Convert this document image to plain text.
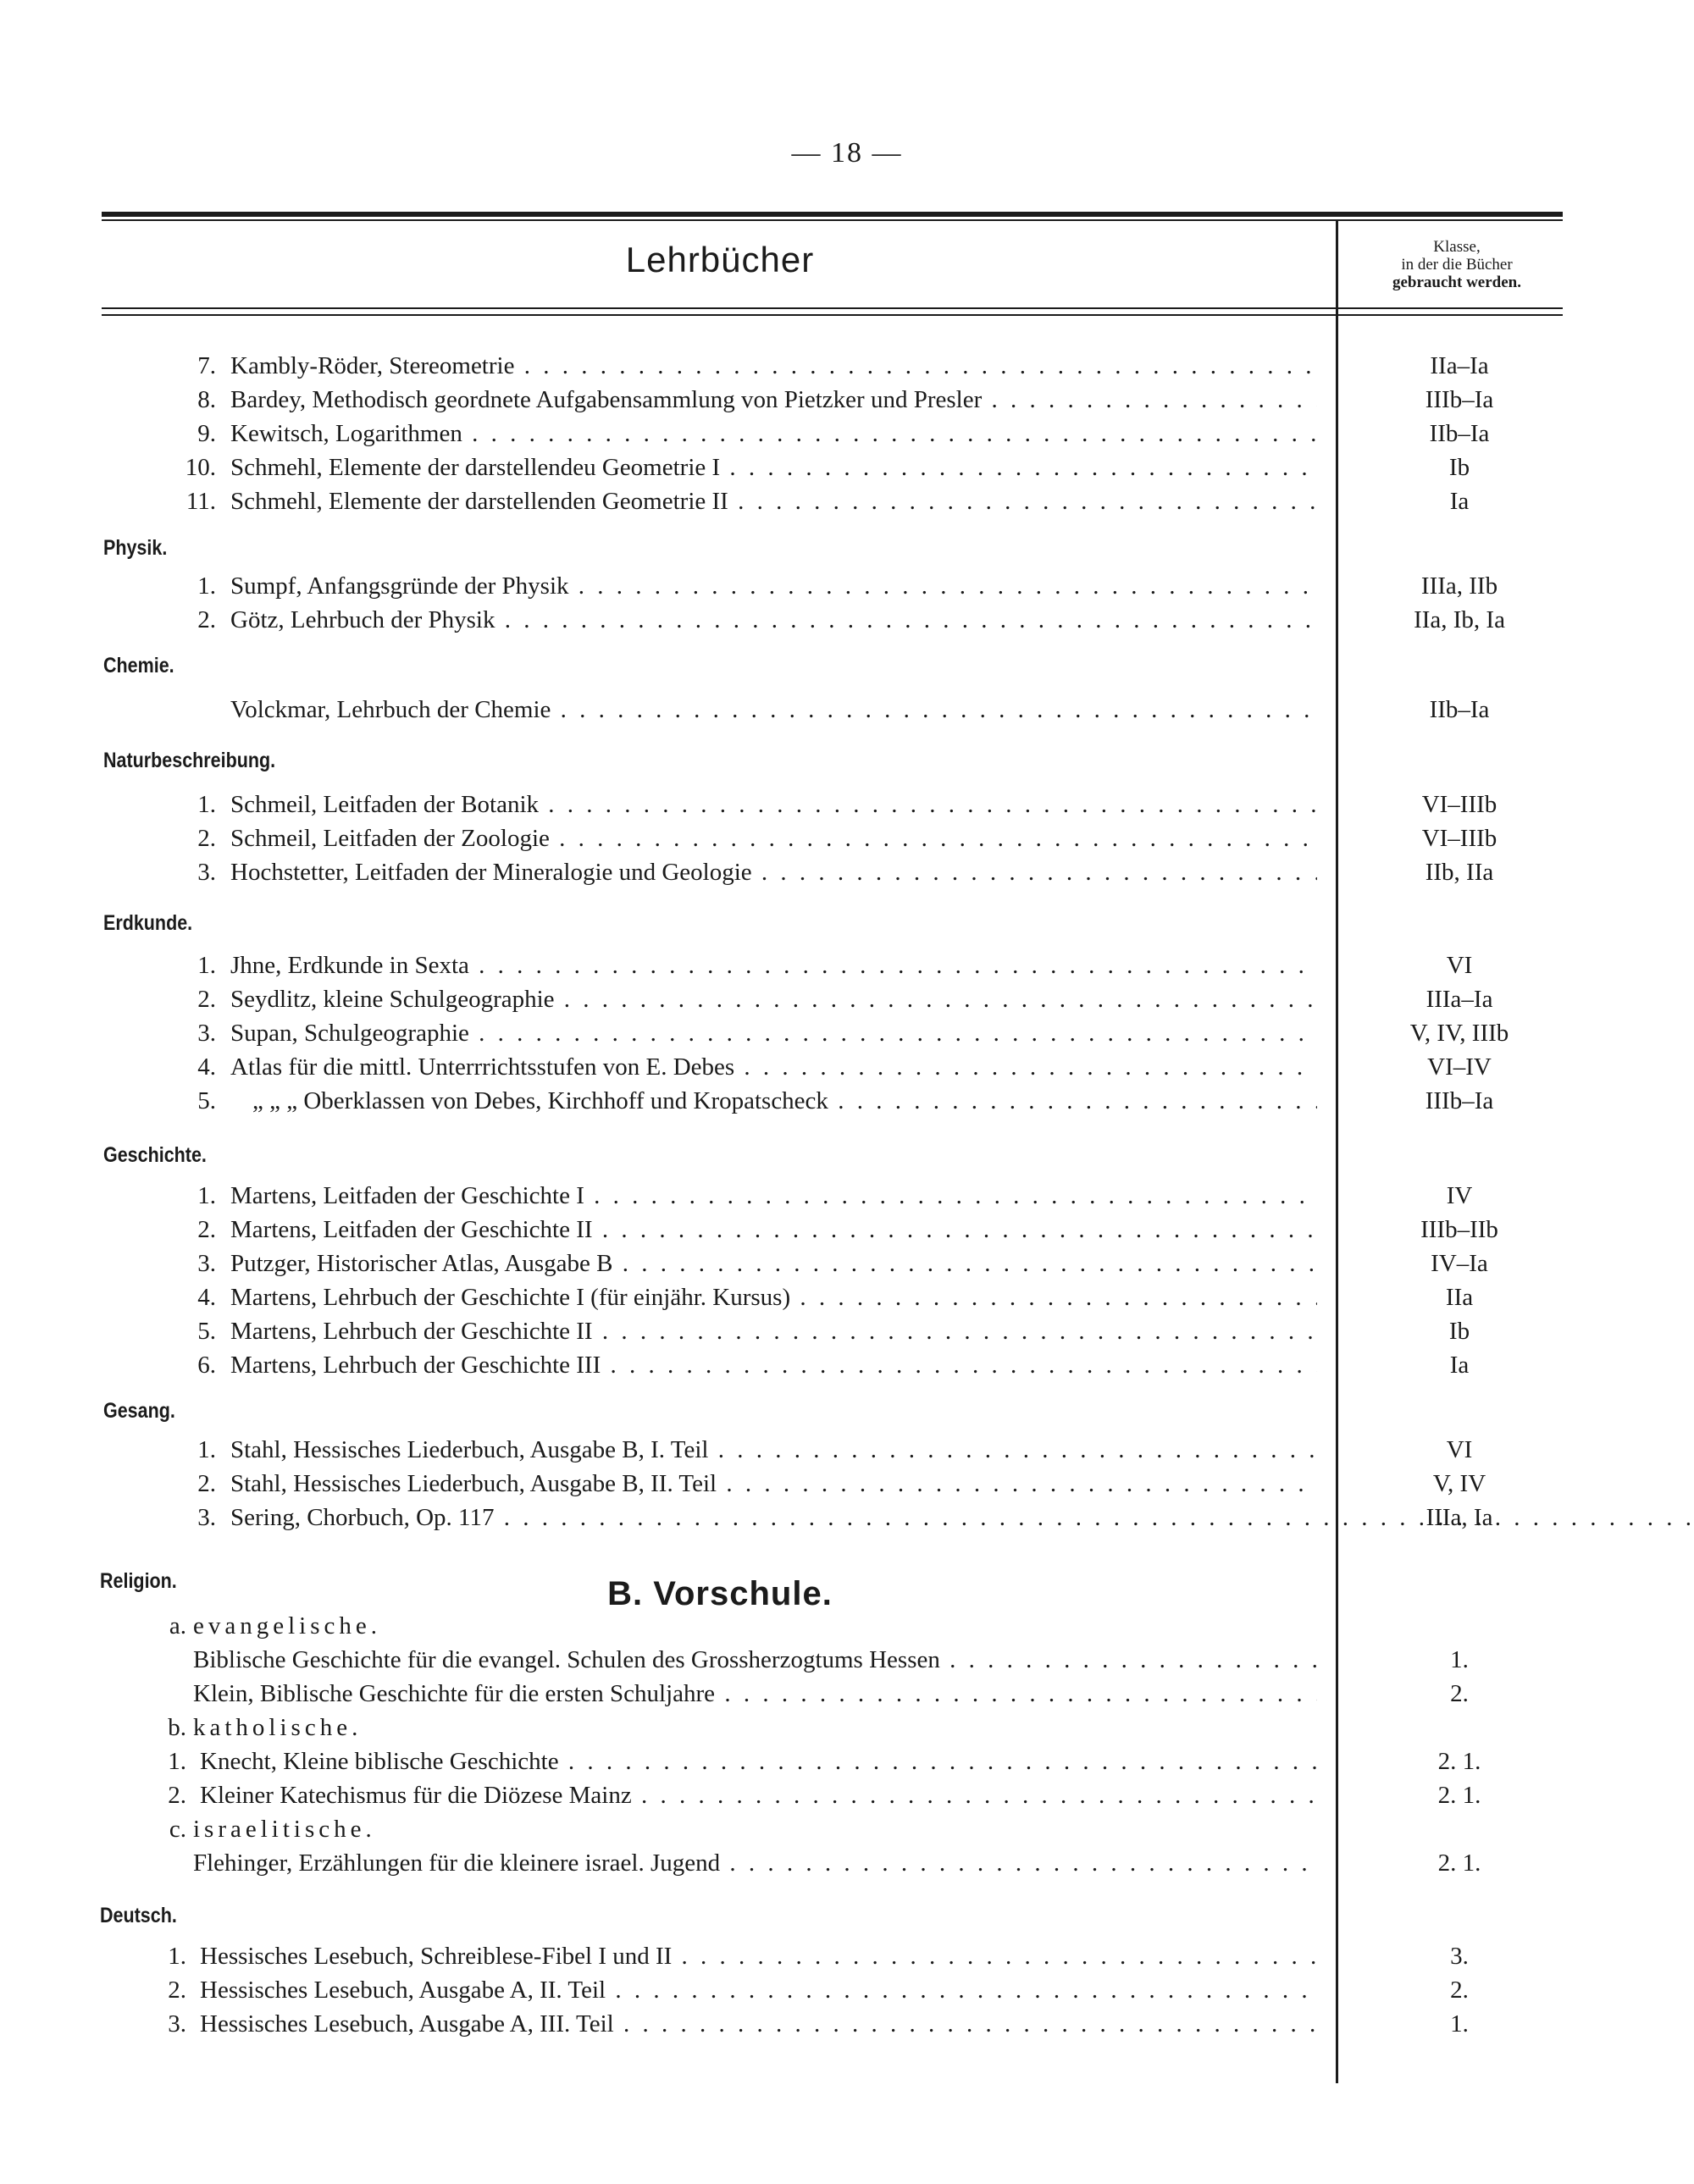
— 18 —
Lehrbücher	Klasse,
in der die Bücher
gebraucht werden.
7. Kambly-Röder, Stereometrie . . .	IIa–Ia
8. Bardey, Methodisch geordnete Aufgabensammlung von Pietzker und Presler . . .	IIIb–Ia
9. Kewitsch, Logarithmen . . .	IIb–Ia
10. Schmehl, Elemente der darstellendeu Geometrie I . . .	Ib
11. Schmehl, Elemente der darstellenden Geometrie II . . .	Ia
Physik.
1. Sumpf, Anfangsgründe der Physik . . .	IIIa, IIb
2. Götz, Lehrbuch der Physik . . .	IIa, Ib, Ia
Chemie.
Volckmar, Lehrbuch der Chemie . . .	IIb–Ia
Naturbeschreibung.
1. Schmeil, Leitfaden der Botanik . . .	VI–IIIb
2. Schmeil, Leitfaden der Zoologie . . .	VI–IIIb
3. Hochstetter, Leitfaden der Mineralogie und Geologie . . .	IIb, IIa
Erdkunde.
1. Jhne, Erdkunde in Sexta . . .	VI
2. Seydlitz, kleine Schulgeographie . . .	IIIa–Ia
3. Supan, Schulgeographie . . .	V, IV, IIIb
4. Atlas für die mittl. Unterrrichtsstufen von E. Debes . . .	VI–IV
5. „ „ „ Oberklassen von Debes, Kirchhoff und Kropatscheck . . .	IIIb–Ia
Geschichte.
1. Martens, Leitfaden der Geschichte I . . .	IV
2. Martens, Leitfaden der Geschichte II . . .	IIIb–IIb
3. Putzger, Historischer Atlas, Ausgabe B . . .	IV–Ia
4. Martens, Lehrbuch der Geschichte I (für einjähr. Kursus) . . .	IIa
5. Martens, Lehrbuch der Geschichte II . . .	Ib
6. Martens, Lehrbuch der Geschichte III . . .	Ia
Gesang.
1. Stahl, Hessisches Liederbuch, Ausgabe B, I. Teil . . .	VI
2. Stahl, Hessisches Liederbuch, Ausgabe B, II. Teil . . .	V, IV
3. Sering, Chorbuch, Op. 117 . . .	IIIa, Ia
Religion.	B. Vorschule.
a. evangelische.
Biblische Geschichte für die evangel. Schulen des Grossherzogtums Hessen . . .	1.
Klein, Biblische Geschichte für die ersten Schuljahre . . .	2.
b. katholische.
1. Knecht, Kleine biblische Geschichte . . .	2. 1.
2. Kleiner Katechismus für die Diözese Mainz . . .	2. 1.
c. israelitische.
Flehinger, Erzählungen für die kleinere israel. Jugend . . .	2. 1.
Deutsch.
1. Hessisches Lesebuch, Schreiblese-Fibel I und II . . .	3.
2. Hessisches Lesebuch, Ausgabe A, II. Teil . . .	2.
3. Hessisches Lesebuch, Ausgabe A, III. Teil . . .	1.
